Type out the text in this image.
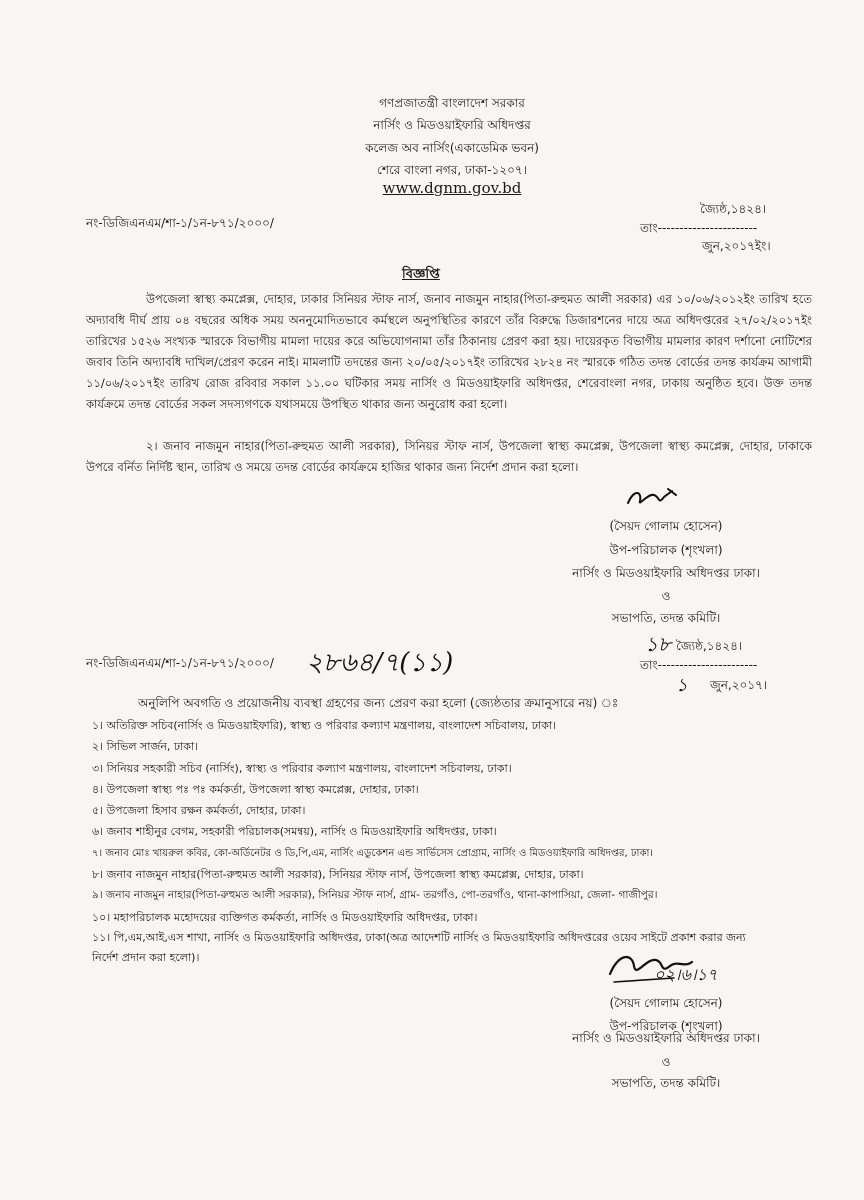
গণপ্রজাতন্ত্রী বাংলাদেশ সরকার
নার্সিং ও মিডওয়াইফারি অধিদপ্তর
কলেজ অব নার্সিং(একাডেমিক ভবন)
শেরে বাংলা নগর, ঢাকা-১২০৭।
www.dgnm.gov.bd
জ্যৈষ্ঠ,১৪২৪।
নং-ডিজিএনএম/শা-১/১ন-৮৭১/২০০০/	তাং-----------------------
জুন,২০১৭ইং।
বিজ্ঞপ্তি
উপজেলা স্বাস্থ্য কমপ্লেক্স, দোহার, ঢাকার সিনিয়র স্টাফ নার্স, জনাব নাজমুন নাহার(পিতা-রুহুমত আলী সরকার) এর ১০/০৬/২০১২ইং তারিখ হতে অদ্যাবধি দীর্ঘ প্রায় ০৪ বছরের অধিক সময় অননুমোদিতভাবে কর্মস্থলে অনুপস্থিতির কারণে তাঁর বিরুদ্ধে ডিজারশনের দায়ে অত্র অধিদপ্তরের ২৭/০২/২০১৭ইং তারিখের ১৫২৬ সংখ্যক স্মারকে বিভাগীয় মামলা দায়ের করে অভিযোগনামা তাঁর ঠিকানায় প্রেরণ করা হয়। দায়েরকৃত বিভাগীয় মামলার কারণ দর্শানো নোটিশের জবাব তিনি অদ্যাবধি দাখিল/প্রেরণ করেন নাই। মামলাটি তদন্তের জন্য ২০/০৫/২০১৭ইং তারিখের ২৮২৪ নং স্মারকে গঠিত তদন্ত বোর্ডের তদন্ত কার্যক্রম আগামী ১১/০৬/২০১৭ইং তারিখ রোজ রবিবার সকাল ১১.০০ ঘটিকার সময় নার্সিং ও মিডওয়াইফারি অধিদপ্তর, শেরেবাংলা নগর, ঢাকায় অনুষ্ঠিত হবে। উক্ত তদন্ত কার্যক্রমে তদন্ত বোর্ডের সকল সদস্যগণকে যথাসময়ে উপস্থিত থাকার জন্য অনুরোধ করা হলো।
২। জনাব নাজমুন নাহার(পিতা-রুহুমত আলী সরকার), সিনিয়র স্টাফ নার্স, উপজেলা স্বাস্থ্য কমপ্লেক্স, উপজেলা স্বাস্থ্য কমপ্লেক্স, দোহার, ঢাকাকে উপরে বর্নিত নির্দিষ্ট স্থান, তারিখ ও সময়ে তদন্ত বোর্ডের কার্যক্রমে হাজির থাকার জন্য নির্দেশ প্রদান করা হলো।
(সৈয়দ গোলাম হোসেন)
উপ-পরিচালক (শৃংখলা)
নার্সিং ও মিডওয়াইফারি অধিদপ্তর ঢাকা।
ও
সভাপতি, তদন্ত কমিটি।
১৮ জ্যৈষ্ঠ,১৪২৪।
নং-ডিজিএনএম/শা-১/১ন-৮৭১/২০০০/ ২৮৬৪/৭(১১)	তাং-----------------------
১ জুন,২০১৭।
অনুলিপি অবগতি ও প্রয়োজনীয় ব্যবস্থা গ্রহণের জন্য প্রেরণ করা হলো (জ্যেষ্ঠতার ক্রমানুসারে নয়) ঃ
১। অতিরিক্ত সচিব(নার্সিং ও মিডওয়াইফারি), স্বাস্থ্য ও পরিবার কল্যাণ মন্ত্রণালয়, বাংলাদেশ সচিবালয়, ঢাকা।
২। সিভিল সার্জন, ঢাকা।
৩। সিনিয়র সহকারী সচিব (নার্সিং), স্বাস্থ্য ও পরিবার কল্যাণ মন্ত্রণালয়, বাংলাদেশ সচিবালয়, ঢাকা।
৪। উপজেলা স্বাস্থ্য পঃ পঃ কর্মকর্তা, উপজেলা স্বাস্থ্য কমপ্লেক্স, দোহার, ঢাকা।
৫। উপজেলা হিসাব রক্ষন কর্মকর্তা, দোহার, ঢাকা।
৬। জনাব শাহীনুর বেগম, সহকারী পরিচালক(সমন্বয়), নার্সিং ও মিডওয়াইফারি অধিদপ্তর, ঢাকা।
৭। জনাব মোঃ খায়রুল কবির, কো-অর্ডিনেটর ও ডি,পি,এম, নার্সিং এডুকেশন এন্ড সার্ভিসেস প্রোগ্রাম, নার্সিং ও মিডওয়াইফারি অধিদপ্তর, ঢাকা।
৮। জনাব নাজমুন নাহার(পিতা-রুহুমত আলী সরকার), সিনিয়র স্টাফ নার্স, উপজেলা স্বাস্থ্য কমপ্লেক্স, দোহার, ঢাকা।
৯। জনাব নাজমুন নাহার(পিতা-রুহুমত আলী সরকার), সিনিয়র স্টাফ নার্স, গ্রাম- তরগাঁও, পো-তরগাঁও, থানা-কাপাসিয়া, জেলা- গাজীপুর।
১০। মহাপরিচালক মহোদয়ের ব্যক্তিগত কর্মকর্তা, নার্সিং ও মিডওয়াইফারি অধিদপ্তর, ঢাকা।
১১। পি,এম,আই,এস শাখা, নার্সিং ও মিডওয়াইফারি অধিদপ্তর, ঢাকা(অত্র আদেশটি নার্সিং ও মিডওয়াইফারি অধিদপ্তরের ওয়েব সাইটে প্রকাশ করার জন্য নির্দেশ প্রদান করা হলো)।
০২।৬।১৭
(সৈয়দ গোলাম হোসেন)
উপ-পরিচালক (শৃংখলা)
নার্সিং ও মিডওয়াইফারি অধিদপ্তর ঢাকা।
ও
সভাপতি, তদন্ত কমিটি।
